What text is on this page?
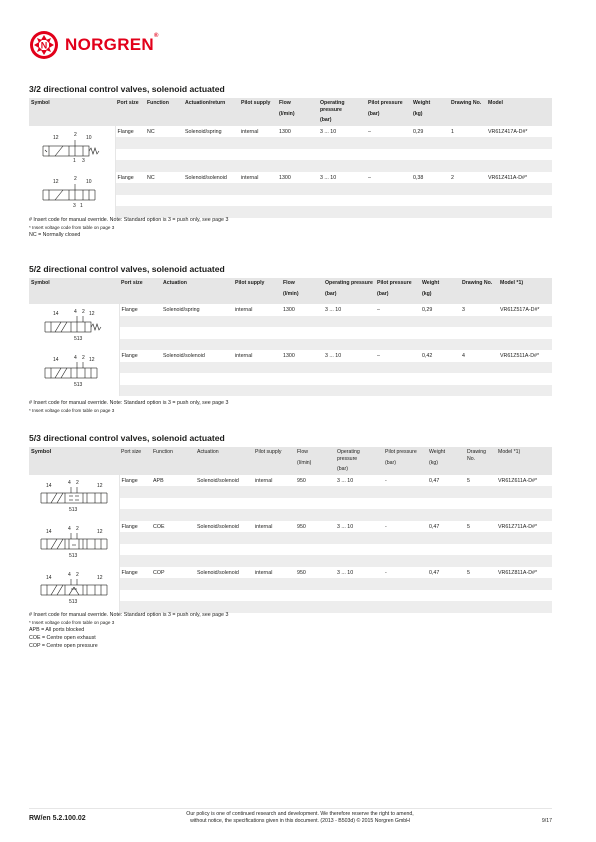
N NORGREN®
3/2 directional control valves, solenoid actuated
Symbol	Port size	Function	Actuation/return	Pilot supply	Flow
(l/min)	Operating pressure
(bar)	Pilot pressure
(bar)	Weight
(kg)	Drawing No.	Model

12 2 10
1 3	Flange	NC	Solenoid/spring	internal	1300	3 ... 10	–	0,29	1	VR61Z417A-D#*

12 2 10
3 1	Flange	NC	Solenoid/solenoid	internal	1300	3 ... 10	–	0,38	2	VR61Z411A-D#*

# Insert code for manual override. Note: Standard option is 3 = push only, see page 3
* Insert voltage code from table on page 3
NC = Normally closed
5/2 directional control valves, solenoid actuated
Symbol	Port size	Actuation	Pilot supply	Flow
(l/min)	Operating pressure
(bar)	Pilot pressure
(bar)	Weight
(kg)	Drawing No.	Model *1)

14 4 2 12
513	Flange	Solenoid/spring	internal	1300	3 ... 10	–	0,29	3	VR61Z517A-D#*

14 4 2 12
513	Flange	Solenoid/solenoid	internal	1300	3 ... 10	–	0,42	4	VR61Z511A-D#*

# Insert code for manual override. Note: Standard option is 3 = push only, see page 3
* Insert voltage code from table on page 3
5/3 directional control valves, solenoid actuated
Symbol	Port size	Function	Actuation	Pilot supply	Flow
(l/min)	Operating pressure
(bar)	Pilot pressure
(bar)	Weight
(kg)	Drawing No.	Model *1)

14 4 2 12
513	Flange	APB	Solenoid/solenoid	internal	950	3 ... 10	-	0,47	5	VR61Z611A-D#*

14 4 2 12
513	Flange	COE	Solenoid/solenoid	internal	950	3 ... 10	-	0,47	5	VR61Z711A-D#*

14 4 2 12
513	Flange	COP	Solenoid/solenoid	internal	950	3 ... 10	-	0,47	5	VR61Z811A-D#*

# Insert code for manual override. Note: Standard option is 3 = push only, see page 3
* Insert voltage code from table on page 3
APB = All ports blocked
COE = Centre open exhaust
COP = Centre open pressure
RW/en 5.2.100.02
Our policy is one of continued research and development. We therefore reserve the right to amend,
without notice, the specifications given in this document. (2013 - B503d) © 2015 Norgren GmbH	9/17
